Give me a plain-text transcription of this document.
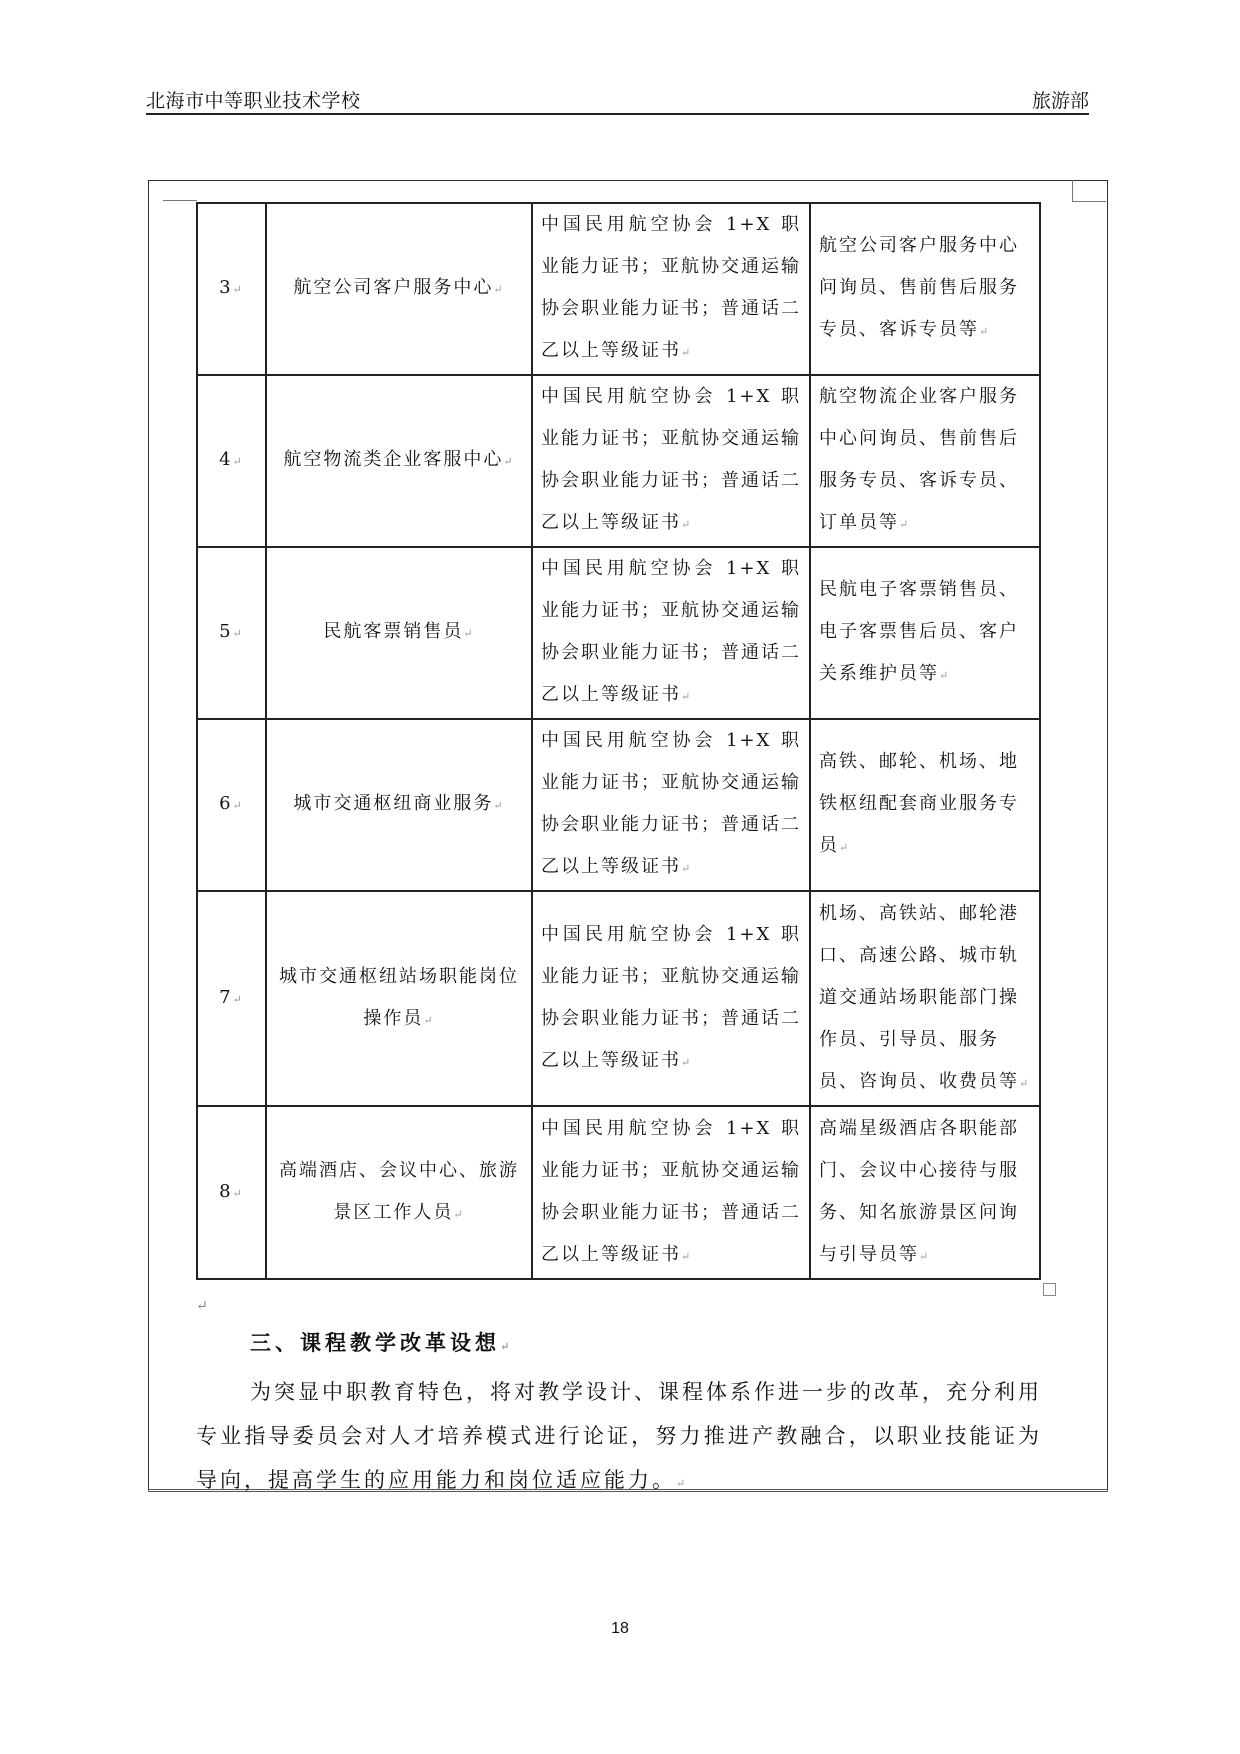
北海市中等职业技术学校	旅游部
3↵	航空公司客户服务中心↵	中国民用航空协会 1+X 职业能力证书；亚航协交通运输协会职业能力证书；普通话二乙以上等级证书↵	航空公司客户服务中心问询员、售前售后服务专员、客诉专员等↵
4↵	航空物流类企业客服中心↵	中国民用航空协会 1+X 职业能力证书；亚航协交通运输协会职业能力证书；普通话二乙以上等级证书↵	航空物流企业客户服务中心问询员、售前售后服务专员、客诉专员、订单员等↵
5↵	民航客票销售员↵	中国民用航空协会 1+X 职业能力证书；亚航协交通运输协会职业能力证书；普通话二乙以上等级证书↵	民航电子客票销售员、电子客票售后员、客户关系维护员等↵
6↵	城市交通枢纽商业服务↵	中国民用航空协会 1+X 职业能力证书；亚航协交通运输协会职业能力证书；普通话二乙以上等级证书↵	高铁、邮轮、机场、地铁枢纽配套商业服务专员↵
7↵	城市交通枢纽站场职能岗位操作员↵	中国民用航空协会 1+X 职业能力证书；亚航协交通运输协会职业能力证书；普通话二乙以上等级证书↵	机场、高铁站、邮轮港口、高速公路、城市轨道交通站场职能部门操作员、引导员、服务员、咨询员、收费员等↵
8↵	高端酒店、会议中心、旅游景区工作人员↵	中国民用航空协会 1+X 职业能力证书；亚航协交通运输协会职业能力证书；普通话二乙以上等级证书↵	高端星级酒店各职能部门、会议中心接待与服务、知名旅游景区问询与引导员等↵
↵
三、课程教学改革设想↵
为突显中职教育特色，将对教学设计、课程体系作进一步的改革，充分利用专业指导委员会对人才培养模式进行论证，努力推进产教融合，以职业技能证为导向，提高学生的应用能力和岗位适应能力。↵
18
